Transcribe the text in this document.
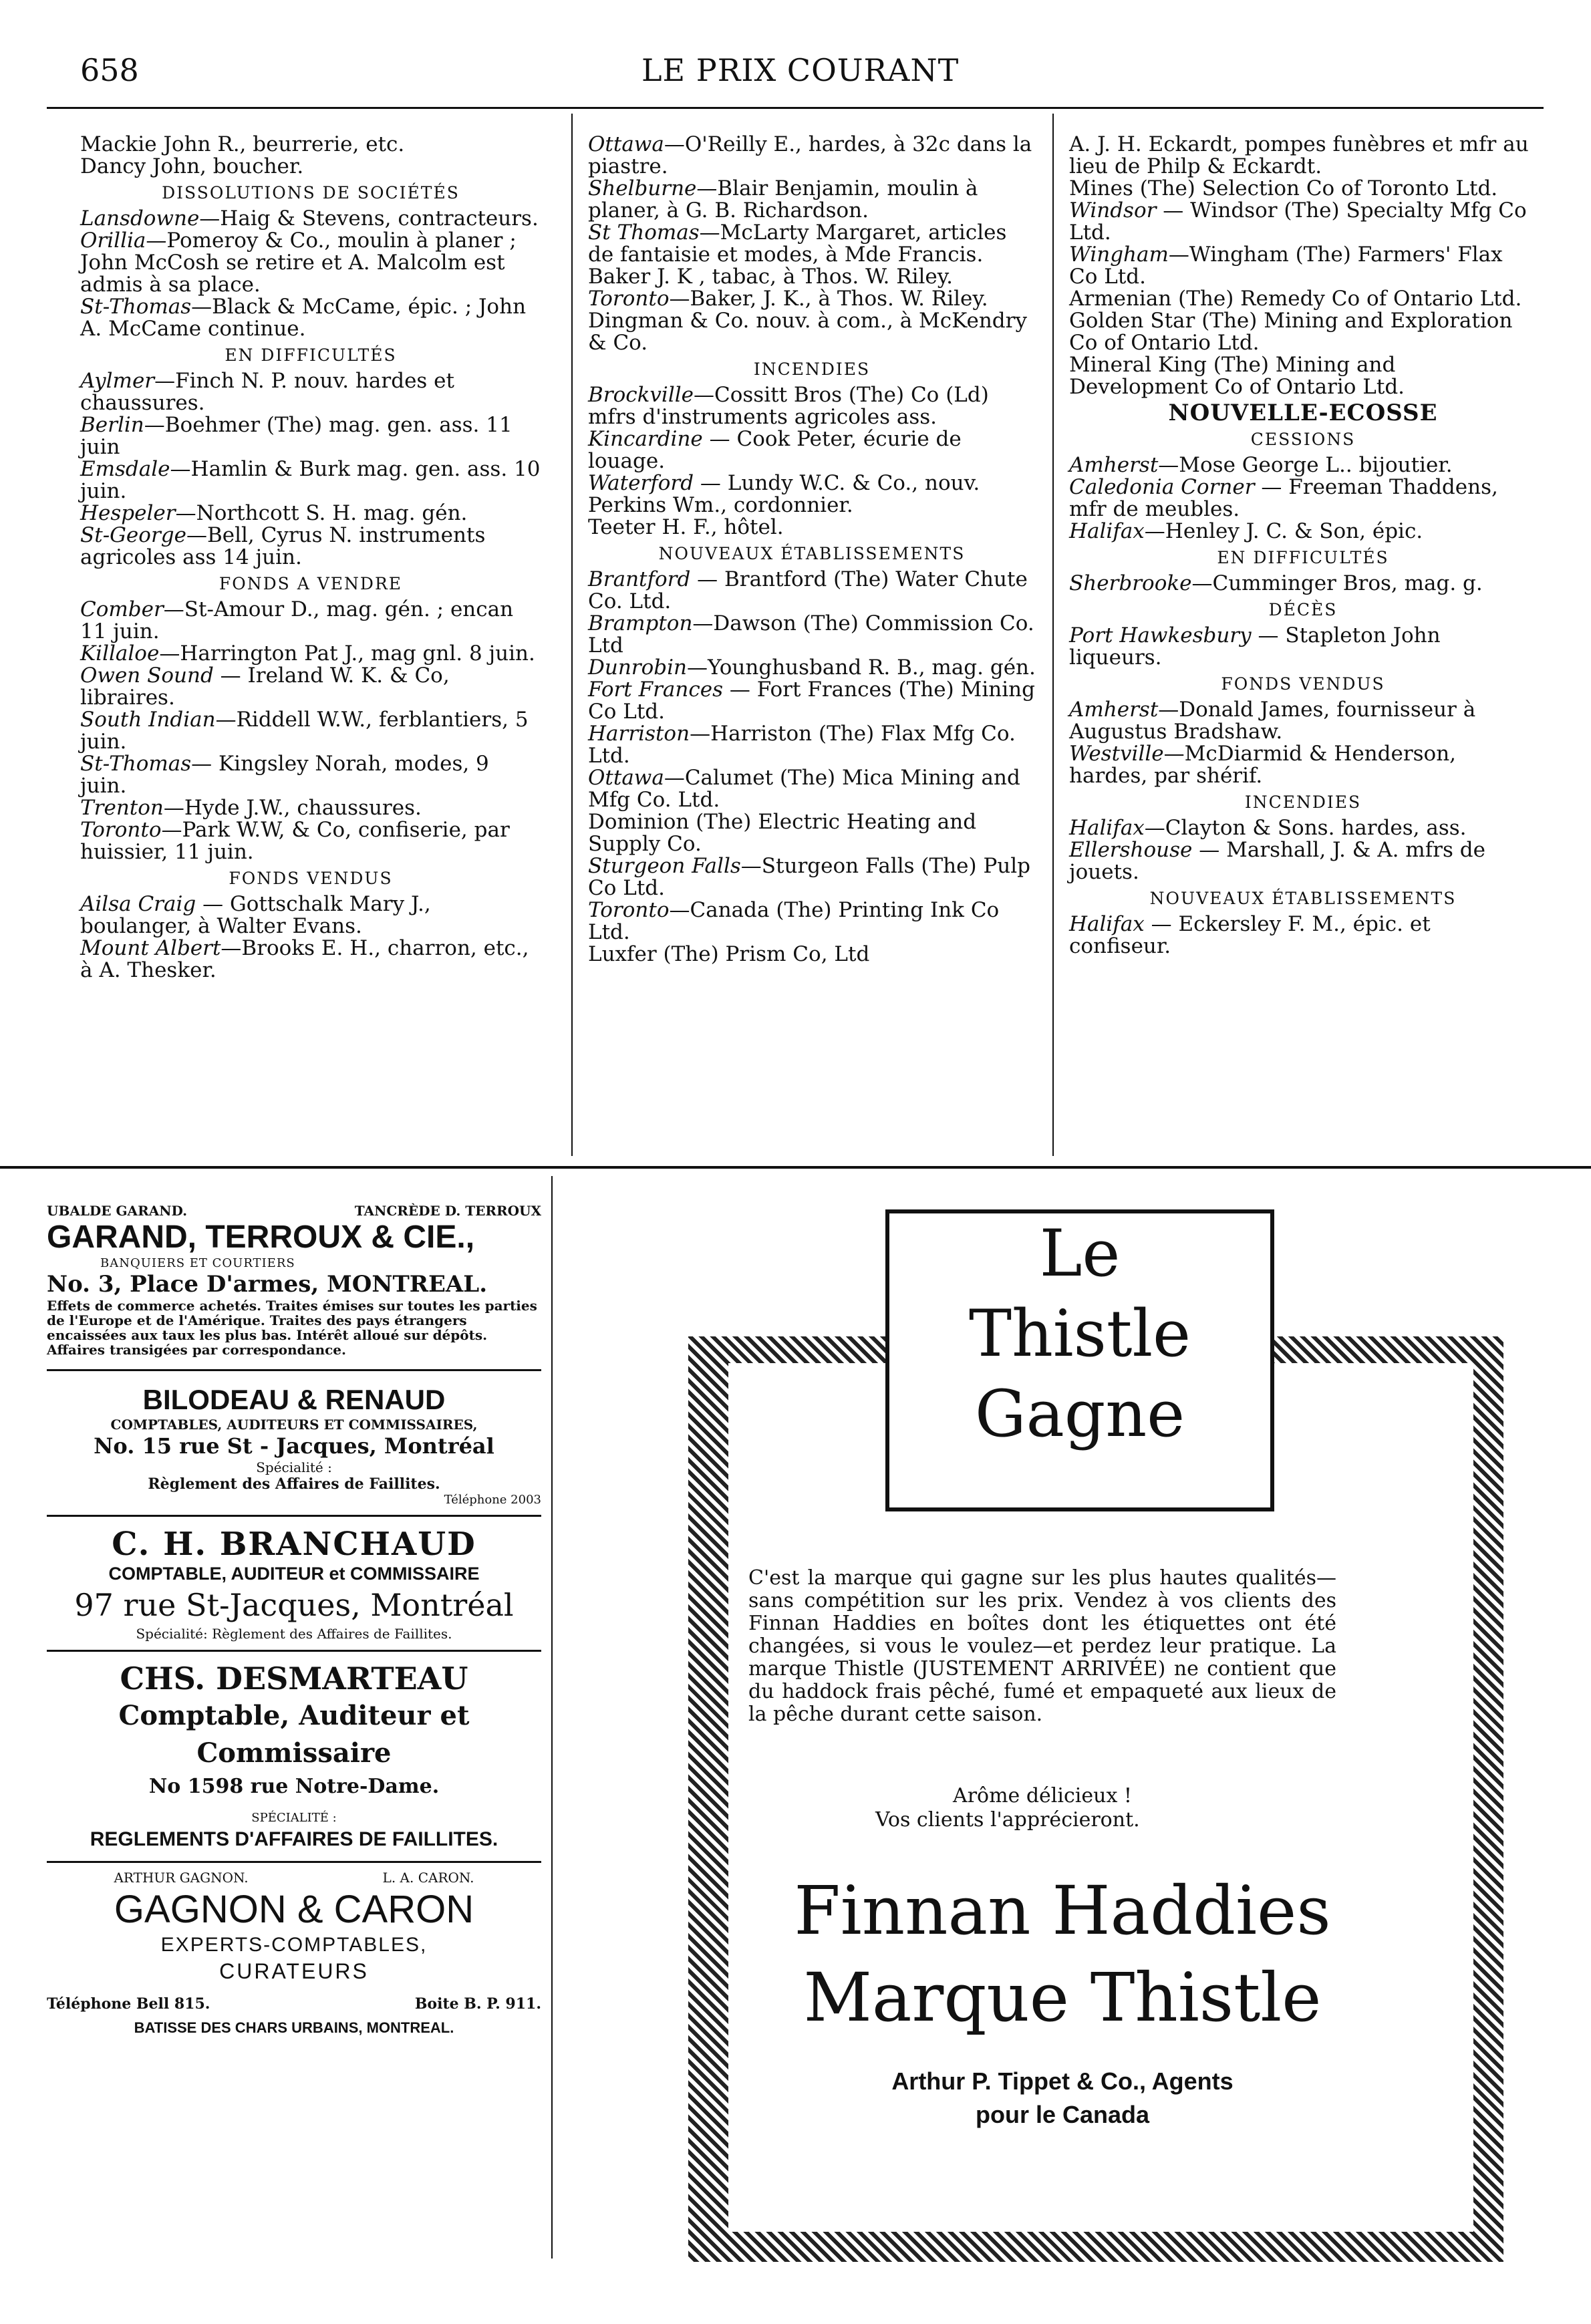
658	LE PRIX COURANT

Mackie John R., beurrerie, etc.

Dancy John, boucher.

DISSOLUTIONS DE SOCIÉTÉS

Lansdowne—Haig & Stevens, contracteurs.

Orillia—Pomeroy & Co., moulin à planer ; John McCosh se retire et A. Malcolm est admis à sa place.

St-Thomas—Black & McCame, épic. ; John A. McCame continue.

EN DIFFICULTÉS

Aylmer—Finch N. P. nouv. hardes et chaussures.

Berlin—Boehmer (The) mag. gen. ass. 11 juin

Emsdale—Hamlin & Burk mag. gen. ass. 10 juin.

Hespeler—Northcott S. H. mag. gén.

St-George—Bell, Cyrus N. instruments agricoles ass 14 juin.

FONDS A VENDRE

Comber—St-Amour D., mag. gén. ; encan 11 juin.

Killaloe—Harrington Pat J., mag gnl. 8 juin.

Owen Sound — Ireland W. K. & Co, libraires.

South Indian—Riddell W.W., ferblantiers, 5 juin.

St-Thomas— Kingsley Norah, modes, 9 juin.

Trenton—Hyde J.W., chaussures.

Toronto—Park W.W, & Co, confiserie, par huissier, 11 juin.

FONDS VENDUS

Ailsa Craig — Gottschalk Mary J., boulanger, à Walter Evans.

Mount Albert—Brooks E. H., charron, etc., à A. Thesker.

Ottawa—O'Reilly E., hardes, à 32c dans la piastre.

Shelburne—Blair Benjamin, moulin à planer, à G. B. Richardson.

St Thomas—McLarty Margaret, articles de fantaisie et modes, à Mde Francis.

Baker J. K , tabac, à Thos. W. Riley.

Toronto—Baker, J. K., à Thos. W. Riley.

Dingman & Co. nouv. à com., à McKendry & Co.

INCENDIES

Brockville—Cossitt Bros (The) Co (Ld) mfrs d'instruments agricoles ass.

Kincardine — Cook Peter, écurie de louage.

Waterford — Lundy W.C. & Co., nouv.

Perkins Wm., cordonnier.

Teeter H. F., hôtel.

NOUVEAUX ÉTABLISSEMENTS

Brantford — Brantford (The) Water Chute Co. Ltd.

Brampton—Dawson (The) Commission Co. Ltd

Dunrobin—Younghusband R. B., mag. gén.

Fort Frances — Fort Frances (The) Mining Co Ltd.

Harriston—Harriston (The) Flax Mfg Co. Ltd.

Ottawa—Calumet (The) Mica Mining and Mfg Co. Ltd.

Dominion (The) Electric Heating and Supply Co.

Sturgeon Falls—Sturgeon Falls (The) Pulp Co Ltd.

Toronto—Canada (The) Printing Ink Co Ltd.

Luxfer (The) Prism Co, Ltd

A. J. H. Eckardt, pompes funèbres et mfr au lieu de Philp & Eckardt.

Mines (The) Selection Co of Toronto Ltd.

Windsor — Windsor (The) Specialty Mfg Co Ltd.

Wingham—Wingham (The) Farmers' Flax Co Ltd.

Armenian (The) Remedy Co of Ontario Ltd.

Golden Star (The) Mining and Exploration Co of Ontario Ltd.

Mineral King (The) Mining and Development Co of Ontario Ltd.

NOUVELLE-ECOSSE

CESSIONS

Amherst—Mose George L.. bijoutier.

Caledonia Corner — Freeman Thaddens, mfr de meubles.

Halifax—Henley J. C. & Son, épic.

EN DIFFICULTÉS

Sherbrooke—Cumminger Bros, mag. g.

DÉCÈS

Port Hawkesbury — Stapleton John liqueurs.

FONDS VENDUS

Amherst—Donald James, fournisseur à Augustus Bradshaw.

Westville—McDiarmid & Henderson, hardes, par shérif.

INCENDIES

Halifax—Clayton & Sons. hardes, ass.

Ellershouse — Marshall, J. & A. mfrs de jouets.

NOUVEAUX ÉTABLISSEMENTS

Halifax — Eckersley F. M., épic. et confiseur.

UBALDE GARAND.	TANCRÈDE D. TERROUX
GARAND, TERROUX & CIE.,
BANQUIERS ET COURTIERS
No. 3, Place D'armes, MONTREAL.
Effets de commerce achetés. Traites émises sur toutes les parties de l'Europe et de l'Amérique. Traites des pays étrangers encaissées aux taux les plus bas. Intérêt alloué sur dépôts. Affaires transigées par correspondance.
BILODEAU & RENAUD
COMPTABLES, AUDITEURS ET COMMISSAIRES,
No. 15 rue St - Jacques, Montréal
Spécialité :
Règlement des Affaires de Faillites.
Téléphone 2003
C. H. BRANCHAUD
COMPTABLE, AUDITEUR et COMMISSAIRE
97 rue St-Jacques, Montréal
Spécialité: Règlement des Affaires de Faillites.
CHS. DESMARTEAU
Comptable, Auditeur et Commissaire
No 1598 rue Notre-Dame.
SPÉCIALITÉ :
REGLEMENTS D'AFFAIRES DE FAILLITES.
ARTHUR GAGNON.	L. A. CARON.
GAGNON & CARON
EXPERTS-COMPTABLES,
CURATEURS
Téléphone Bell 815.	Boite B. P. 911.
BATISSE DES CHARS URBAINS, MONTREAL.
Le
Thistle
Gagne
C'est la marque qui gagne sur les plus hautes qualités—sans compétition sur les prix. Vendez à vos clients des Finnan Haddies en boîtes dont les étiquettes ont été changées, si vous le voulez—et perdez leur pratique. La marque Thistle (JUSTEMENT ARRIVÉE) ne contient que du haddock frais pêché, fumé et empaqueté aux lieux de la pêche durant cette saison.
Arôme délicieux !
Vos clients l'apprécieront.
Finnan Haddies
Marque Thistle
Arthur P. Tippet & Co., Agents
pour le Canada
